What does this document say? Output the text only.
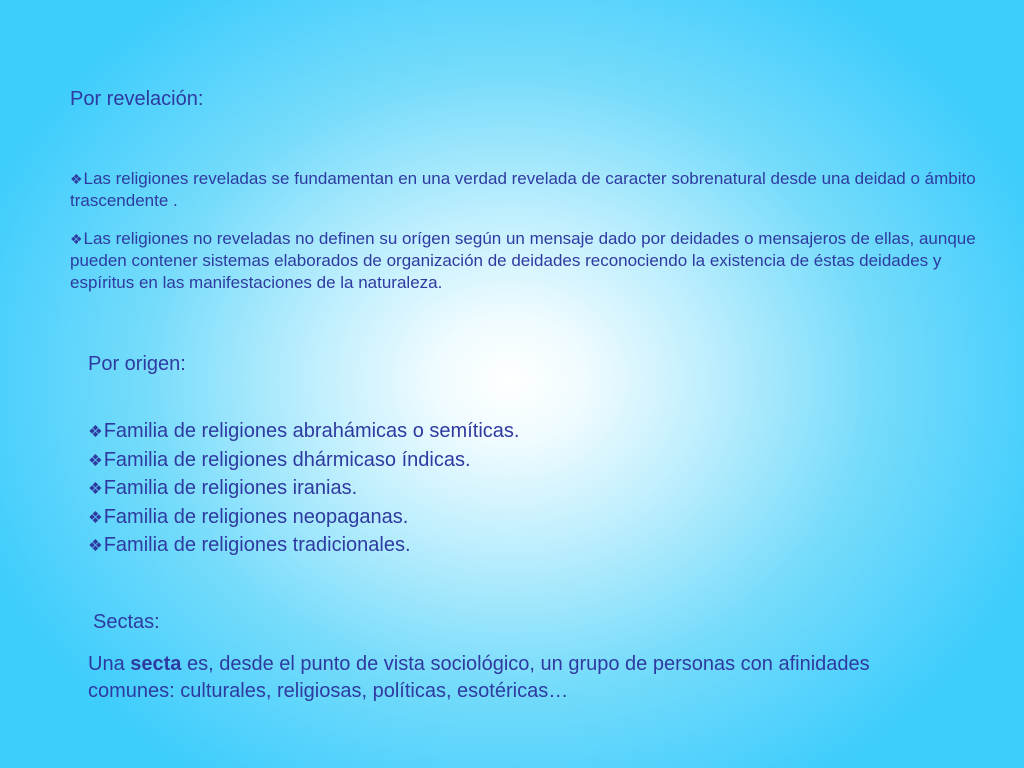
Por revelación:

❖ Las religiones reveladas se fundamentan en una verdad revelada de caracter sobrenatural desde una deidad o ámbito trascendente .

❖ Las religiones no reveladas no definen su orígen según un mensaje dado por deidades o mensajeros de ellas, aunque pueden contener sistemas elaborados de organización de deidades reconociendo la existencia de éstas deidades y espíritus en las manifestaciones de la naturaleza.

Por origen:
❖ Familia de religiones abrahámicas o semíticas.
❖ Familia de religiones dhármicaso índicas.
❖ Familia de religiones iranias.
❖ Familia de religiones neopaganas.
❖ Familia de religiones tradicionales.
Sectas:

Una secta es, desde el punto de vista sociológico, un grupo de personas con afinidades comunes: culturales, religiosas, políticas, esotéricas…
